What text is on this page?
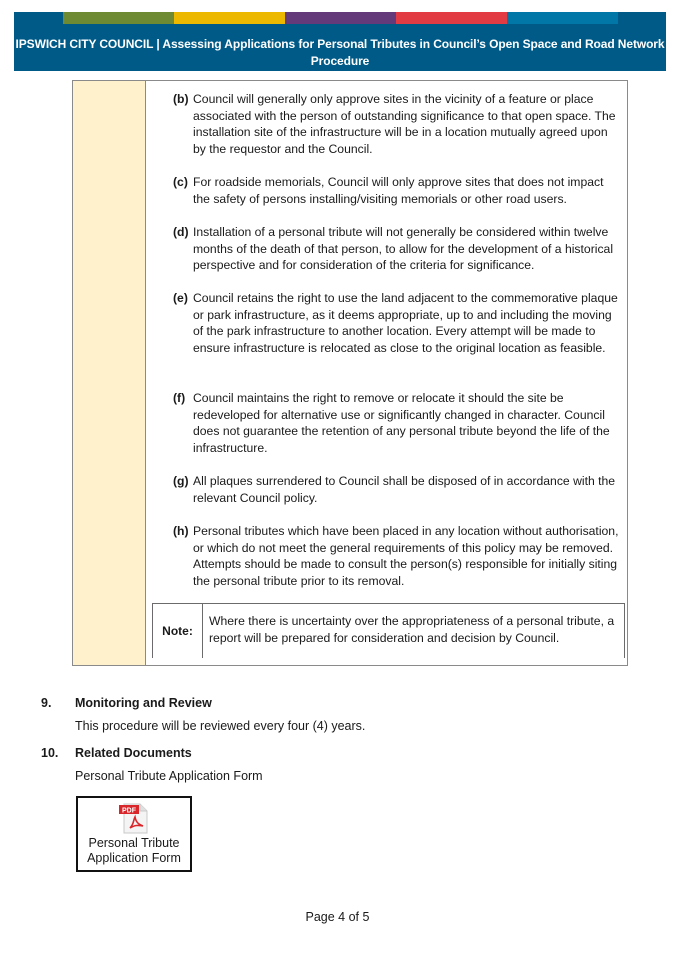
IPSWICH CITY COUNCIL | Assessing Applications for Personal Tributes in Council’s Open Space and Road Network
Procedure
(b) Council will generally only approve sites in the vicinity of a feature or place associated with the person of outstanding significance to that open space. The installation site of the infrastructure will be in a location mutually agreed upon by the requestor and the Council.
(c) For roadside memorials, Council will only approve sites that does not impact the safety of persons installing/visiting memorials or other road users.
(d) Installation of a personal tribute will not generally be considered within twelve months of the death of that person, to allow for the development of a historical perspective and for consideration of the criteria for significance.
(e) Council retains the right to use the land adjacent to the commemorative plaque or park infrastructure, as it deems appropriate, up to and including the moving of the park infrastructure to another location. Every attempt will be made to ensure infrastructure is relocated as close to the original location as feasible.
(f) Council maintains the right to remove or relocate it should the site be redeveloped for alternative use or significantly changed in character. Council does not guarantee the retention of any personal tribute beyond the life of the infrastructure.
(g) All plaques surrendered to Council shall be disposed of in accordance with the relevant Council policy.
(h) Personal tributes which have been placed in any location without authorisation, or which do not meet the general requirements of this policy may be removed. Attempts should be made to consult the person(s) responsible for initially siting the personal tribute prior to its removal.
Note:
Where there is uncertainty over the appropriateness of a personal tribute, a report will be prepared for consideration and decision by Council.
9. Monitoring and Review
This procedure will be reviewed every four (4) years.
10. Related Documents
Personal Tribute Application Form
PDF
Personal Tribute
Application Form
Page 4 of 5
